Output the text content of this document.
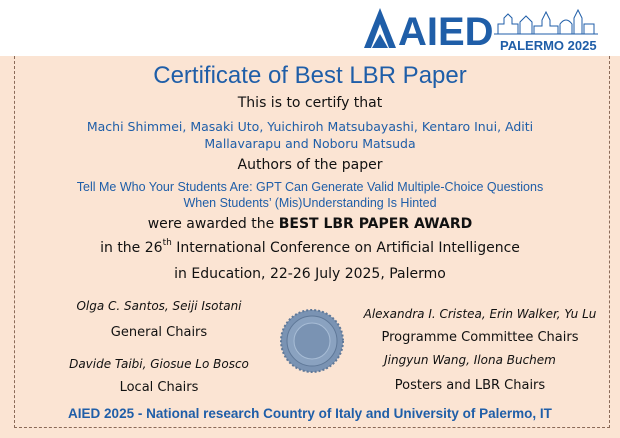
AIED PALERMO 2025
Certificate of Best LBR Paper
This is to certify that
Machi Shimmei, Masaki Uto, Yuichiroh Matsubayashi, Kentaro Inui, Aditi Mallavarapu and Noboru Matsuda
Authors of the paper
Tell Me Who Your Students Are: GPT Can Generate Valid Multiple-Choice Questions
When Students’ (Mis)Understanding Is Hinted
were awarded the BEST LBR PAPER AWARD
in the 26th International Conference on Artificial Intelligence
in Education, 22-26 July 2025, Palermo
Olga C. Santos, Seiji Isotani
General Chairs
Davide Taibi, Giosue Lo Bosco
Local Chairs
Alexandra I. Cristea, Erin Walker, Yu Lu
Programme Committee Chairs
Jingyun Wang, Ilona Buchem
Posters and LBR Chairs
AIED 2025 - National research Country of Italy and University of Palermo, IT
